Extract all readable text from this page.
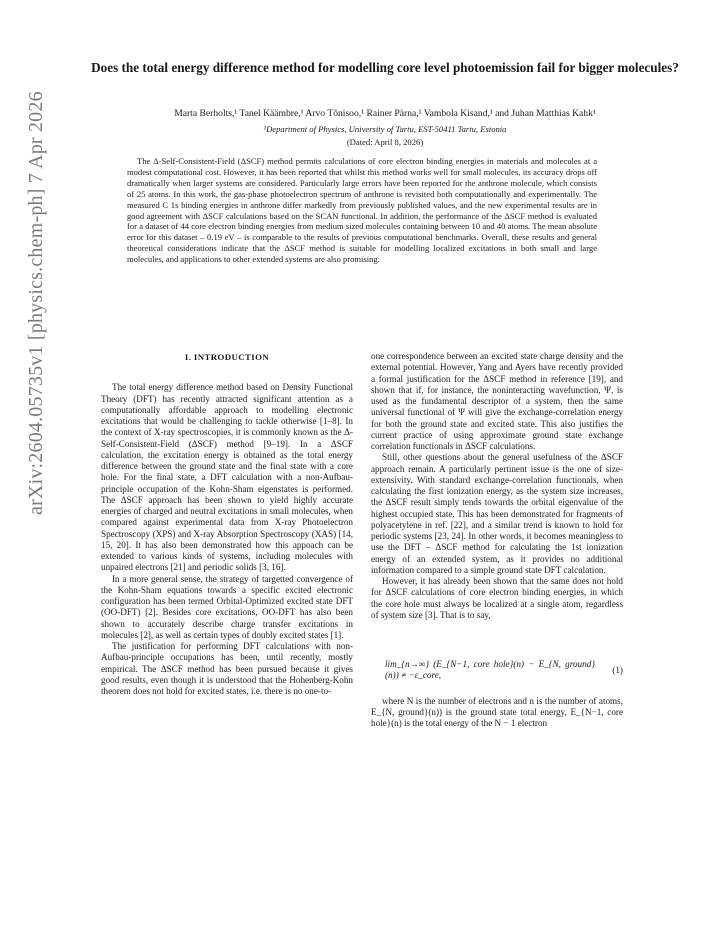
arXiv:2604.05735v1 [physics.chem-ph] 7 Apr 2026
Does the total energy difference method for modelling core level photoemission fail for bigger molecules?
Marta Berholts,¹ Tanel Käämbre,¹ Arvo Tõnisoo,¹ Rainer Pärna,¹ Vambola Kisand,¹ and Juhan Matthias Kahk¹
¹Department of Physics, University of Tartu, EST-50411 Tartu, Estonia
(Dated: April 8, 2026)
The Δ-Self-Consistent-Field (ΔSCF) method permits calculations of core electron binding energies in materials and molecules at a modest computational cost. However, it has been reported that whilst this method works well for small molecules, its accuracy drops off dramatically when larger systems are considered. Particularly large errors have been reported for the anthrone molecule, which consists of 25 atoms. In this work, the gas-phase photoelectron spectrum of anthrone is revisited both computationally and experimentally. The measured C 1s binding energies in anthrone differ markedly from previously published values, and the new experimental results are in good agreement with ΔSCF calculations based on the SCAN functional. In addition, the performance of the ΔSCF method is evaluated for a dataset of 44 core electron binding energies from medium sized molecules containing between 10 and 40 atoms. The mean absolute error for this dataset – 0.19 eV – is comparable to the results of previous computational benchmarks. Overall, these results and general theoretical considerations indicate that the ΔSCF method is suitable for modelling localized excitations in both small and large molecules, and applications to other extended systems are also promising.
I. INTRODUCTION

The total energy difference method based on Density Functional Theory (DFT) has recently attracted significant attention as a computationally affordable approach to modelling electronic excitations that would be challenging to tackle otherwise [1–8]. In the context of X-ray spectroscopies, it is commonly known as the Δ-Self-Consistent-Field (ΔSCF) method [9–19]. In a ΔSCF calculation, the excitation energy is obtained as the total energy difference between the ground state and the final state with a core hole. For the final state, a DFT calculation with a non-Aufbau-principle occupation of the Kohn-Sham eigenstates is performed. The ΔSCF approach has been shown to yield highly accurate energies of charged and neutral excitations in small molecules, when compared against experimental data from X-ray Photoelectron Spectroscopy (XPS) and X-ray Absorption Spectroscopy (XAS) [14, 15, 20]. It has also been demonstrated how this appoach can be extended to various kinds of systems, including molecules with unpaired electrons [21] and periodic solids [3, 16].

In a more general sense, the strategy of targetted convergence of the Kohn-Sham equations towards a specific excited electronic configuration has been termed Orbital-Optimized excited state DFT (OO-DFT) [2]. Besides core excitations, OO-DFT has also been shown to accurately describe charge transfer excitations in molecules [2], as well as certain types of doubly excited states [1].

The justification for performing DFT calculations with non-Aufbau-principle occupations has been, until recently, mostly empirical. The ΔSCF method has been pursued because it gives good results, even though it is understood that the Hohenberg-Kohn theorem does not hold for excited states, i.e. there is no one-to-

one correspondence between an excited state charge density and the external potential. However, Yang and Ayers have recently provided a formal justification for the ΔSCF method in reference [19], and shown that if, for instance, the noninteracting wavefunction, Ψ, is used as the fundamental descriptor of a system, then the same universal functional of Ψ will give the exchange-correlation energy for both the ground state and excited state. This also justifies the current practice of using approximate ground state exchange correlation functionals in ΔSCF calculations.

Still, other questions about the general usefulness of the ΔSCF approach remain. A particularly pertinent issue is the one of size-extensivity. With standard exchange-correlation functionals, when calculating the first ionization energy, as the system size increases, the ΔSCF result simply tends towards the orbital eigenvalue of the highest occupied state. This has been demonstrated for fragments of polyacetylene in ref. [22], and a similar trend is known to hold for periodic systems [23, 24]. In other words, it becomes meaningless to use the DFT – ΔSCF method for calculating the 1st ionization energy of an extended system, as it provides no additional information compared to a simple ground state DFT calculation.

However, it has already been shown that the same does not hold for ΔSCF calculations of core electron binding energies, in which the core hole must always be localized at a single atom, regardless of system size [3]. That is to say,

lim_{n→∞} (E_{N−1, core hole}(n) − E_{N, ground}(n)) ≠ −ε_core,
(1)

where N is the number of electrons and n is the number of atoms, E_{N, ground}(n)) is the ground state total energy, E_{N−1, core hole}(n) is the total energy of the N − 1 electron
